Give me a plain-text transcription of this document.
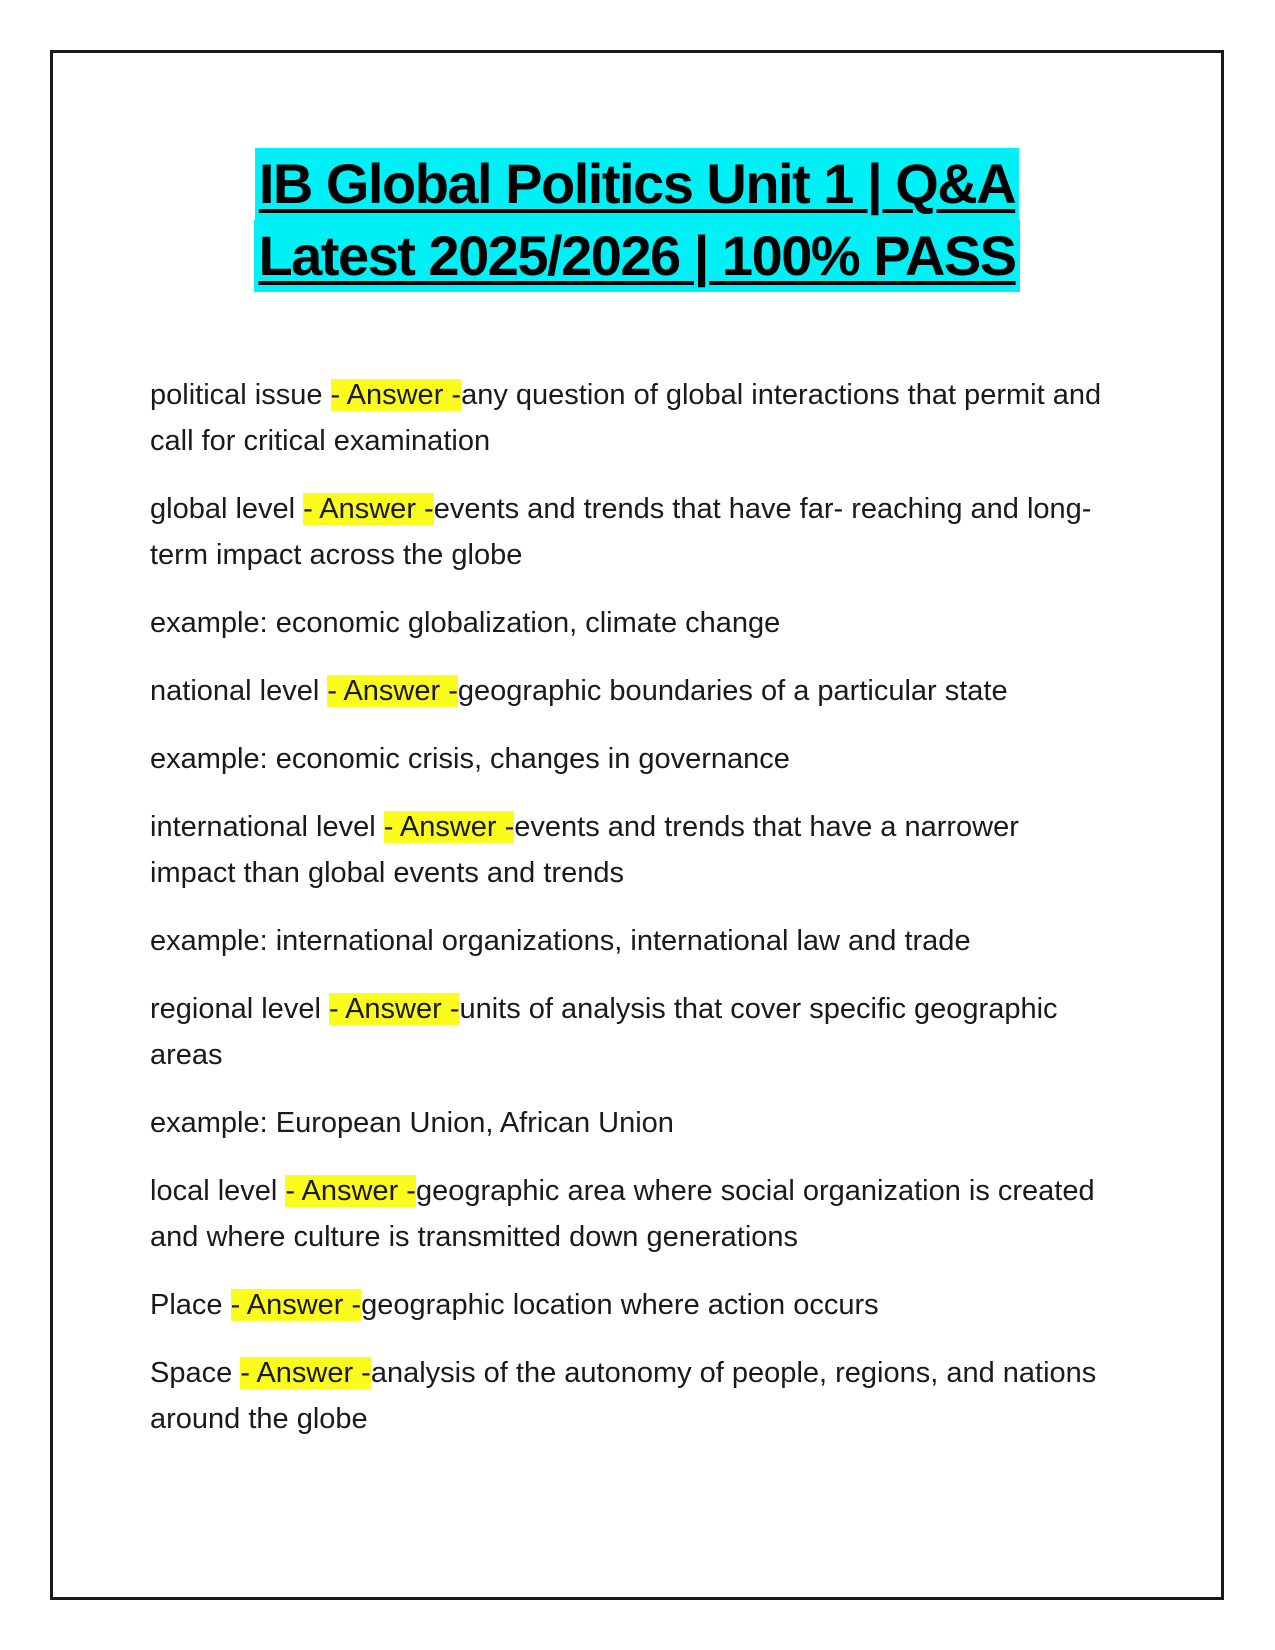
IB Global Politics Unit 1 | Q&A
Latest 2025/2026 | 100% PASS

political issue - Answer -any question of global interactions that permit and call for critical examination

global level - Answer -events and trends that have far- reaching and long- term impact across the globe

example: economic globalization, climate change

national level - Answer -geographic boundaries of a particular state

example: economic crisis, changes in governance

international level - Answer -events and trends that have a narrower impact than global events and trends

example: international organizations, international law and trade

regional level - Answer -units of analysis that cover specific geographic areas

example: European Union, African Union

local level - Answer -geographic area where social organization is created and where culture is transmitted down generations

Place - Answer -geographic location where action occurs

Space - Answer -analysis of the autonomy of people, regions, and nations around the globe
